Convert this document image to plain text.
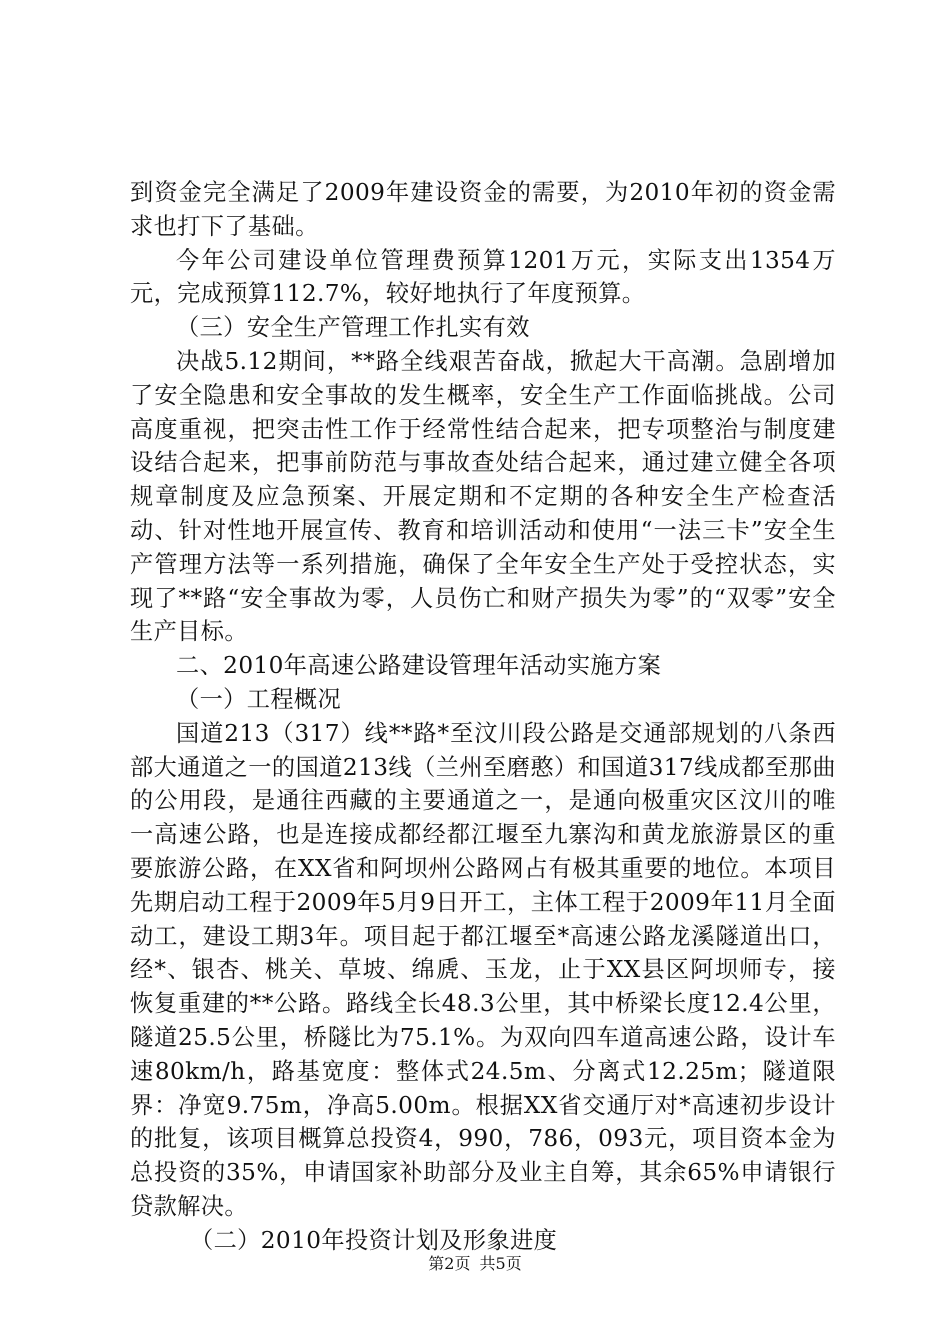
到资金完全满足了2009年建设资金的需要，为2010年初的资金需求也打下了基础。

今年公司建设单位管理费预算1201万元，实际支出1354万元，完成预算112.7%，较好地执行了年度预算。

（三）安全生产管理工作扎实有效

决战5.12期间，**路全线艰苦奋战，掀起大干高潮。急剧增加了安全隐患和安全事故的发生概率，安全生产工作面临挑战。公司高度重视，把突击性工作于经常性结合起来，把专项整治与制度建设结合起来，把事前防范与事故查处结合起来，通过建立健全各项规章制度及应急预案、开展定期和不定期的各种安全生产检查活动、针对性地开展宣传、教育和培训活动和使用“一法三卡”安全生产管理方法等一系列措施，确保了全年安全生产处于受控状态，实现了**路“安全事故为零，人员伤亡和财产损失为零”的“双零”安全生产目标。

二、2010年高速公路建设管理年活动实施方案

（一）工程概况

国道213（317）线**路*至汶川段公路是交通部规划的八条西部大通道之一的国道213线（兰州至磨憨）和国道317线成都至那曲的公用段，是通往西藏的主要通道之一，是通向极重灾区汶川的唯一高速公路，也是连接成都经都江堰至九寨沟和黄龙旅游景区的重要旅游公路，在XX省和阿坝州公路网占有极其重要的地位。本项目先期启动工程于2009年5月9日开工，主体工程于2009年11月全面动工，建设工期3年。项目起于都江堰至*高速公路龙溪隧道出口，经*、银杏、桃关、草坡、绵虒、玉龙，止于XX县区阿坝师专，接恢复重建的**公路。路线全长48.3公里，其中桥梁长度12.4公里，隧道25.5公里，桥隧比为75.1%。为双向四车道高速公路，设计车速80km/h，路基宽度：整体式24.5m、分离式12.25m；隧道限界：净宽9.75m，净高5.00m。根据XX省交通厅对*高速初步设计的批复，该项目概算总投资4，990，786，093元，项目资本金为总投资的35%，申请国家补助部分及业主自筹，其余65%申请银行贷款解决。

（二）2010年投资计划及形象进度

第2页 共5页
